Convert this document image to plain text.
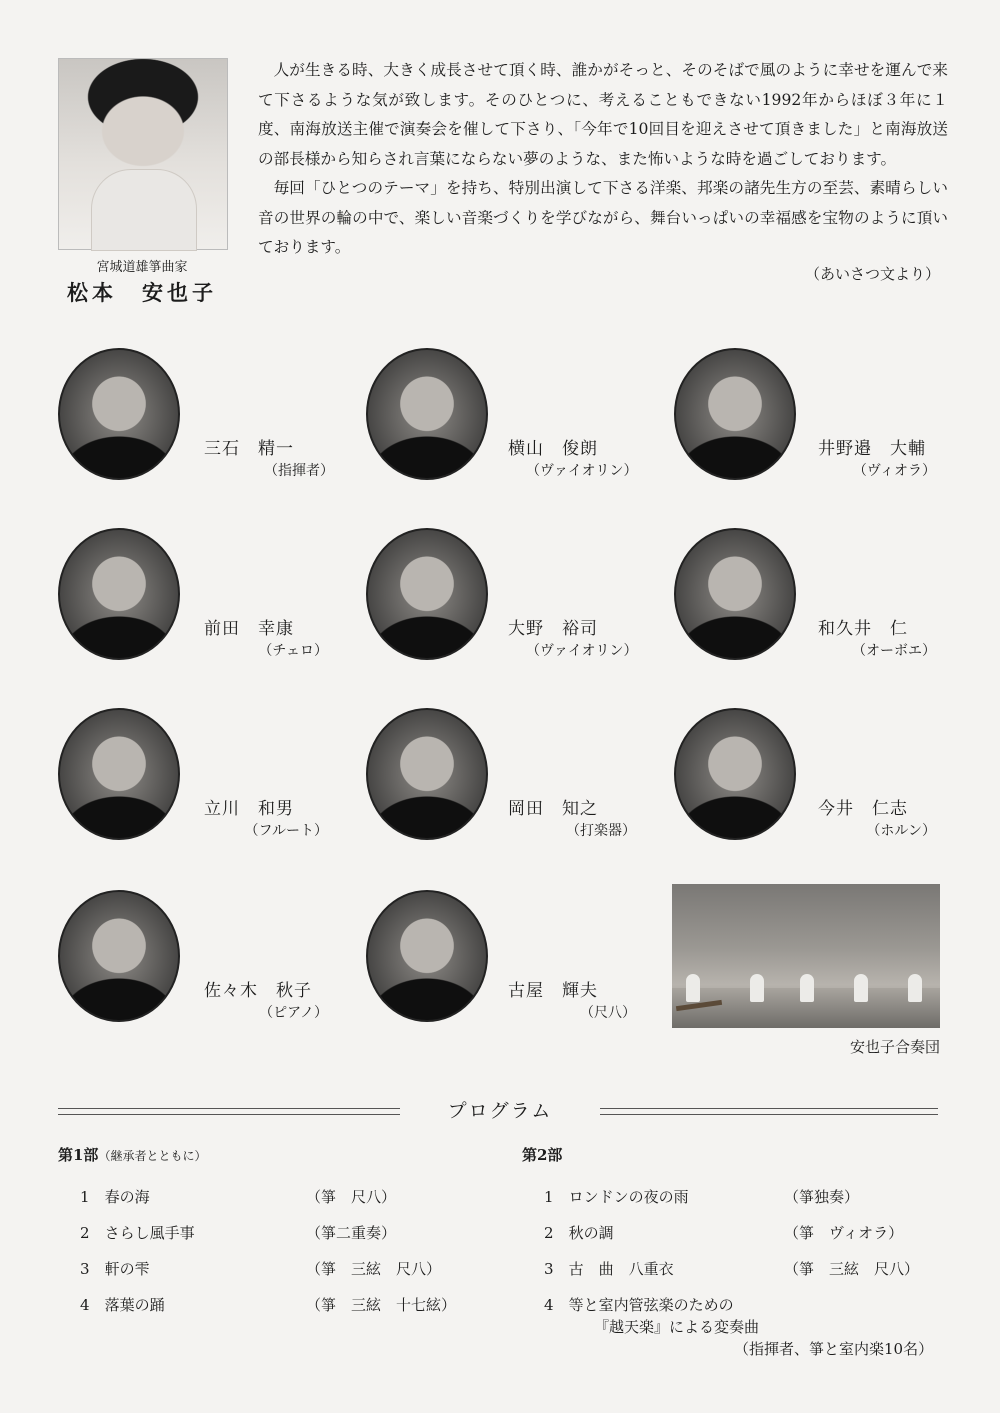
宮城道雄箏曲家
松本　安也子

人が生きる時、大きく成長させて頂く時、誰かがそっと、そのそばで風のように幸せを運んで来て下さるような気が致します。そのひとつに、考えることもできない1992年からほぼ３年に１度、南海放送主催で演奏会を催して下さり、「今年で10回目を迎えさせて頂きました」と南海放送の部長様から知らされ言葉にならない夢のような、また怖いような時を過ごしております。

毎回「ひとつのテーマ」を持ち、特別出演して下さる洋楽、邦楽の諸先生方の至芸、素晴らしい音の世界の輪の中で、楽しい音楽づくりを学びながら、舞台いっぱいの幸福感を宝物のように頂いております。

（あいさつ文より）
三石　精一
（指揮者）
横山　俊朗
（ヴァイオリン）
井野邉　大輔
（ヴィオラ）
前田　幸康
（チェロ）
大野　裕司
（ヴァイオリン）
和久井　仁
（オーボエ）
立川　和男
（フルート）
岡田　知之
（打楽器）
今井　仁志
（ホルン）
佐々木　秋子
（ピアノ）
古屋　輝夫
（尺八）
安也子合奏団
プログラム
第1部（継承者とともに）
1　 春の海	（箏　尺八）
2　 さらし風手事	（箏二重奏）
3　 軒の雫	（箏　三絃　尺八）
4　 落葉の踊	（箏　三絃　十七絃）
第2部
1　 ロンドンの夜の雨	（箏独奏）
2　 秋の調	（箏　ヴィオラ）
3　 古　曲　八重衣	（箏　三絃　尺八）
4　 等と室内管弦楽のための
『越天楽』による変奏曲
（指揮者、箏と室内楽10名）
